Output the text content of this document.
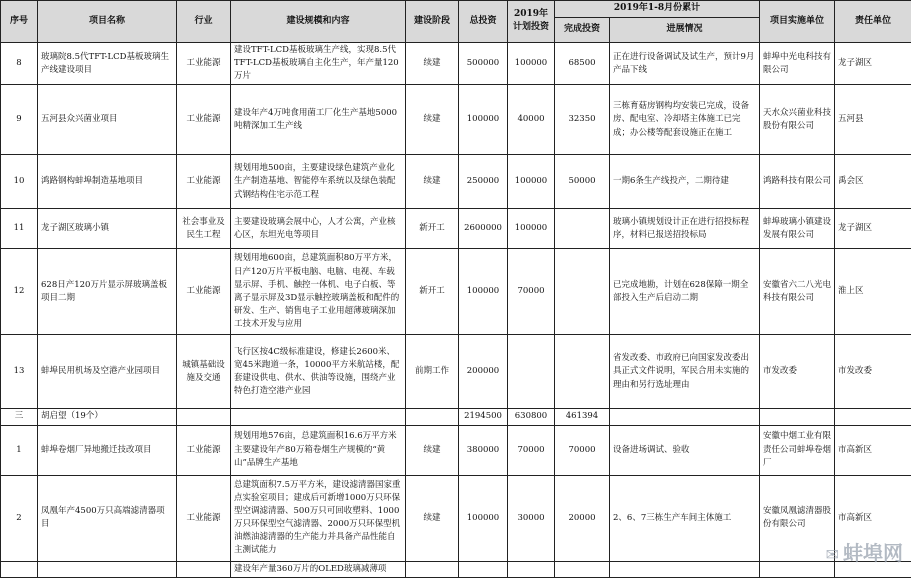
序号	项目名称	行业	建设规模和内容	建设阶段	总投资	2019年计划投资	2019年1-8月份累计		项目实施单位	责任单位
							完成投资	进展情况		
8	玻璃院8.5代TFT-LCD基板玻璃生产线建设项目	工业能源	建设TFT-LCD基板玻璃生产线，实现8.5代TFT-LCD基板玻璃自主化生产，年产量120万片	续建	500000	100000	68500	正在进行设备调试及试生产，预计9月产品下线	蚌埠中光电科技有限公司	龙子湖区
9	五河县众兴菌业项目	工业能源	建设年产4万吨食用菌工厂化生产基地5000吨精深加工生产线	续建	100000	40000	32350	三栋育菇房钢构均安装已完成，设备房、配电室、冷却塔主体施工已完成；办公楼等配套设施正在施工	天水众兴菌业科技股份有限公司	五河县
10	鸿路钢构蚌埠制造基地项目	工业能源	规划用地500亩，主要建设绿色建筑产业化生产制造基地、智能停车系统以及绿色装配式钢结构住宅示范工程	续建	250000	100000	50000	一期6条生产线投产，二期待建	鸿路科技有限公司	禹会区
11	龙子湖区玻璃小镇	社会事业及民生工程	主要建设玻璃会展中心，人才公寓，产业核心区，东坦光电等项目	新开工	2600000	100000		玻璃小镇规划设计正在进行招投标程序，材料已报送招投标局	蚌埠玻璃小镇建设发展有限公司	龙子湖区
12	628日产120万片显示屏玻璃盖板项目二期	工业能源	规划用地600亩，总建筑面积80万平方米，日产120万片平板电脑、电脑、电视、车载显示屏、手机、触控一体机、电子白板、等离子显示屏及3D显示触控玻璃盖板和配件的研发、生产、销售电子工业用超薄玻璃深加工技术开发与应用	新开工	100000	70000		已完成地勘，计划在628保障一期全部投入生产后启动二期	安徽省六二八光电科技有限公司	淮上区
13	蚌埠民用机场及空港产业园项目	城镇基础设施及交通	飞行区按4C级标准建设，修建长2600米、宽45米跑道一条，10000平方米航站楼，配套建设供电、供水、供油等设施，围绕产业特色打造空港产业园	前期工作	200000			省发改委、市政府已向国家发改委出具正式文件说明，军民合用未实施的理由和另行选址理由	市发改委	市发改委
三	胡启望（19个）				2194500	630800	461394			
1	蚌埠卷烟厂异地搬迁技改项目	工业能源	规划用地576亩，总建筑面积16.6万平方米主要建设年产80万箱卷烟生产规模的“黄山”品牌生产基地	续建	380000	70000	70000	设备进场调试、验收	安徽中烟工业有限责任公司蚌埠卷烟厂	市高新区
2	凤凰年产4500万只高端滤清器项目	工业能源	总建筑面积7.5万平方米，建设滤清器国家重点实验室项目；建成后可新增1000万只环保型空调滤清器、500万只可回收塑料、1000万只环保型空气滤清器、2000万只环保型机油燃油滤清器的生产能力并具备产品性能自主测试能力	续建	100000	30000	20000	2、6、7三栋生产车间主体施工	安徽凤凰滤清器股份有限公司	市高新区
			建设年产量360万片的OLED玻璃减薄项							
✉ 蚌埠网
